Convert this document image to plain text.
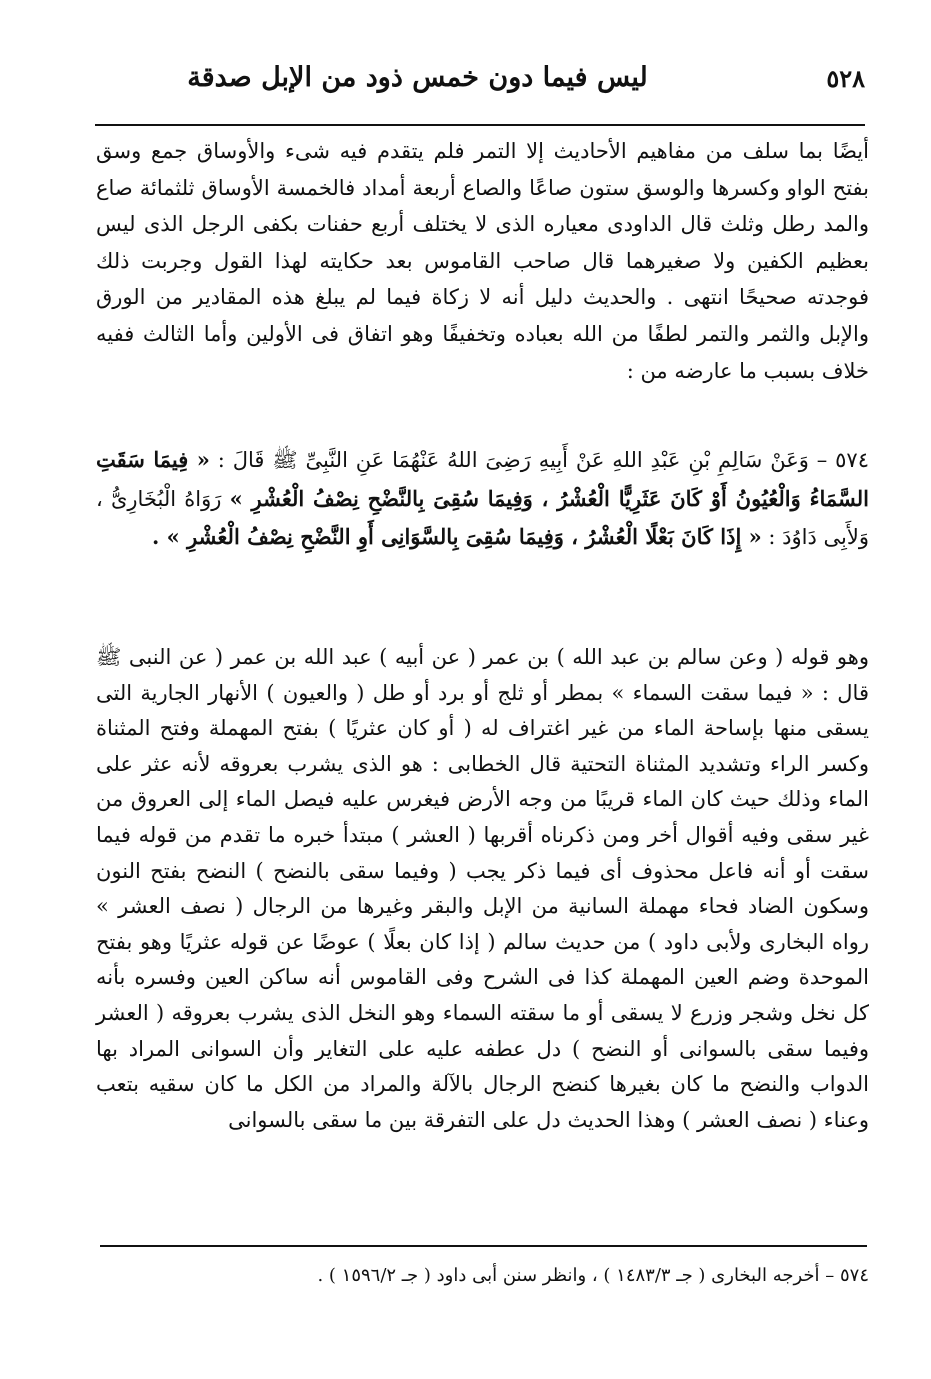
٥٢٨
ليس فيما دون خمس ذود من الإبل صدقة
أيضًا بما سلف من مفاهيم الأحاديث إلا التمر فلم يتقدم فيه شىء والأوساق جمع وسق بفتح الواو وكسرها والوسق ستون صاعًا والصاع أربعة أمداد فالخمسة الأوساق ثلثمائة صاع والمد رطل وثلث قال الداودى معياره الذى لا يختلف أربع حفنات بكفى الرجل الذى ليس بعظيم الكفين ولا صغيرهما قال صاحب القاموس بعد حكايته لهذا القول وجربت ذلك فوجدته صحيحًا انتهى . والحديث دليل أنه لا زكاة فيما لم يبلغ هذه المقادير من الورق والإبل والثمر والتمر لطفًا من الله بعباده وتخفيفًا وهو اتفاق فى الأولين وأما الثالث ففيه خلاف بسبب ما عارضه من :
٥٧٤ – وَعَنْ سَالِمِ بْنِ عَبْدِ اللهِ عَنْ أَبِيهِ رَضِىَ اللهُ عَنْهُمَا عَنِ النَّبِىِّ ﷺ قَالَ : « فِيمَا سَقَتِ السَّمَاءُ وَالْعُيُونُ أَوْ كَانَ عَثَرِيًّا الْعُشْرُ ، وَفِيمَا سُقِىَ بِالنَّضْحِ نِصْفُ الْعُشْرِ » رَوَاهُ الْبُخَارِىُّ ، وَلأَبِى دَاوُدَ : « إِذَا كَانَ بَعْلًا الْعُشْرُ ، وَفِيمَا سُقِىَ بِالسَّوَانِى أَوِ النَّضْحِ نِصْفُ الْعُشْرِ » .
وهو قوله ( وعن سالم بن عبد الله ) بن عمر ( عن أبيه ) عبد الله بن عمر ( عن النبى ﷺ قال : « فيما سقت السماء » بمطر أو ثلج أو برد أو طل ( والعيون ) الأنهار الجارية التى يسقى منها بإساحة الماء من غير اغتراف له ( أو كان عثريًا ) بفتح المهملة وفتح المثناة وكسر الراء وتشديد المثناة التحتية قال الخطابى : هو الذى يشرب بعروقه لأنه عثر على الماء وذلك حيث كان الماء قريبًا من وجه الأرض فيغرس عليه فيصل الماء إلى العروق من غير سقى وفيه أقوال أخر ومن ذكرناه أقربها ( العشر ) مبتدأ خبره ما تقدم من قوله فيما سقت أو أنه فاعل محذوف أى فيما ذكر يجب ( وفيما سقى بالنضح ) النضح بفتح النون وسكون الضاد فحاء مهملة السانية من الإبل والبقر وغيرها من الرجال ( نصف العشر » رواه البخارى ولأبى داود ) من حديث سالم ( إذا كان بعلًا ) عوضًا عن قوله عثريًا وهو بفتح الموحدة وضم العين المهملة كذا فى الشرح وفى القاموس أنه ساكن العين وفسره بأنه كل نخل وشجر وزرع لا يسقى أو ما سقته السماء وهو النخل الذى يشرب بعروقه ( العشر وفيما سقى بالسوانى أو النضح ) دل عطفه عليه على التغاير وأن السوانى المراد بها الدواب والنضح ما كان بغيرها كنضح الرجال بالآلة والمراد من الكل ما كان سقيه بتعب وعناء ( نصف العشر ) وهذا الحديث دل على التفرقة بين ما سقى بالسوانى
٥٧٤ – أخرجه البخارى ( جـ ١٤٨٣/٣ ) ، وانظر سنن أبى داود ( جـ ١٥٩٦/٢ ) .
